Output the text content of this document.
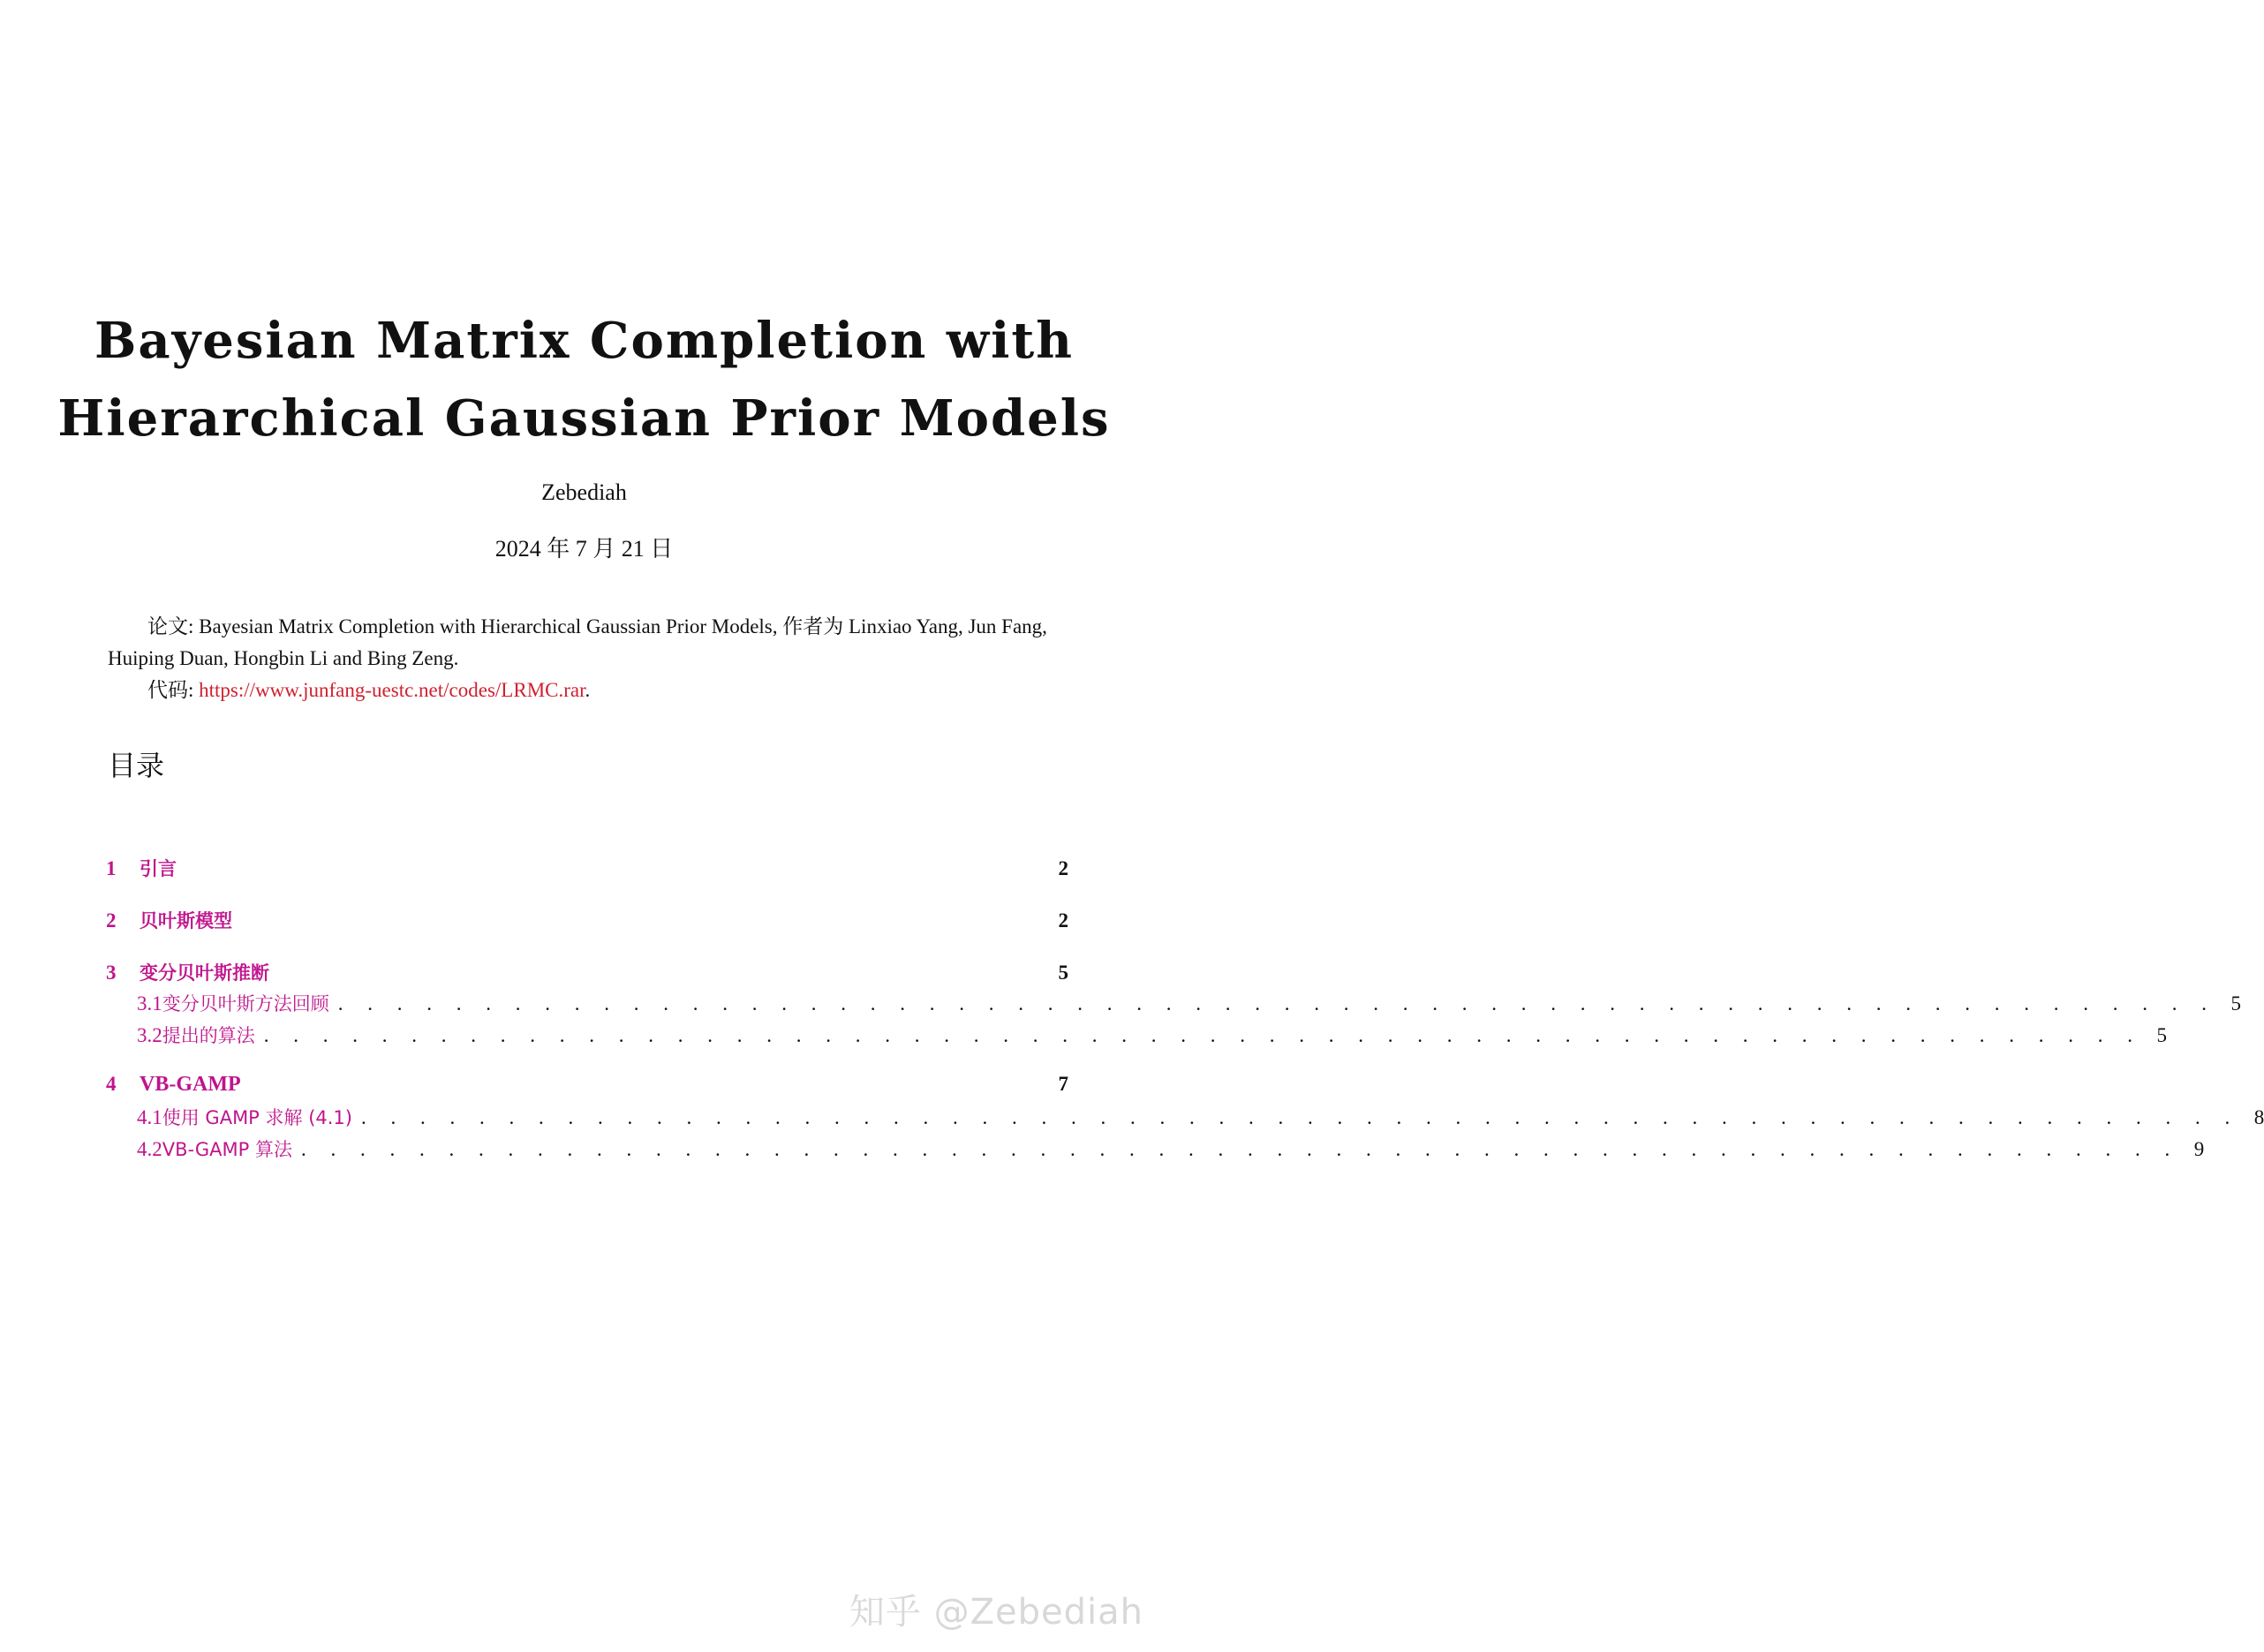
Bayesian Matrix Completion with
Hierarchical Gaussian Prior Models
Zebediah
2024 年 7 月 21 日

论文: Bayesian Matrix Completion with Hierarchical Gaussian Prior Models, 作者为 Linxiao Yang, Jun Fang, Huiping Duan, Hongbin Li and Bing Zeng.

代码: https://www.junfang-uestc.net/codes/LRMC.rar.

目录
1	引言	2
2	贝叶斯模型	2
3	变分贝叶斯推断	5
3.1 变分贝叶斯方法回顾 . . . . . . . . . . . . . . . . . . . . . . . . . . . . . . . . . . . . . . . . . . . . . . . . . . . . . . . . . . . . . . . . 5
3.2 提出的算法 . . . . . . . . . . . . . . . . . . . . . . . . . . . . . . . . . . . . . . . . . . . . . . . . . . . . . . . . . . . . . . . . 5
4	VB-GAMP	7
4.1 使用 GAMP 求解 (4.1) . . . . . . . . . . . . . . . . . . . . . . . . . . . . . . . . . . . . . . . . . . . . . . . . . . . . . . . . . . . . . . . . 8
4.2 VB-GAMP 算法 . . . . . . . . . . . . . . . . . . . . . . . . . . . . . . . . . . . . . . . . . . . . . . . . . . . . . . . . . . . . . . . . 9
知乎 @Zebediah
